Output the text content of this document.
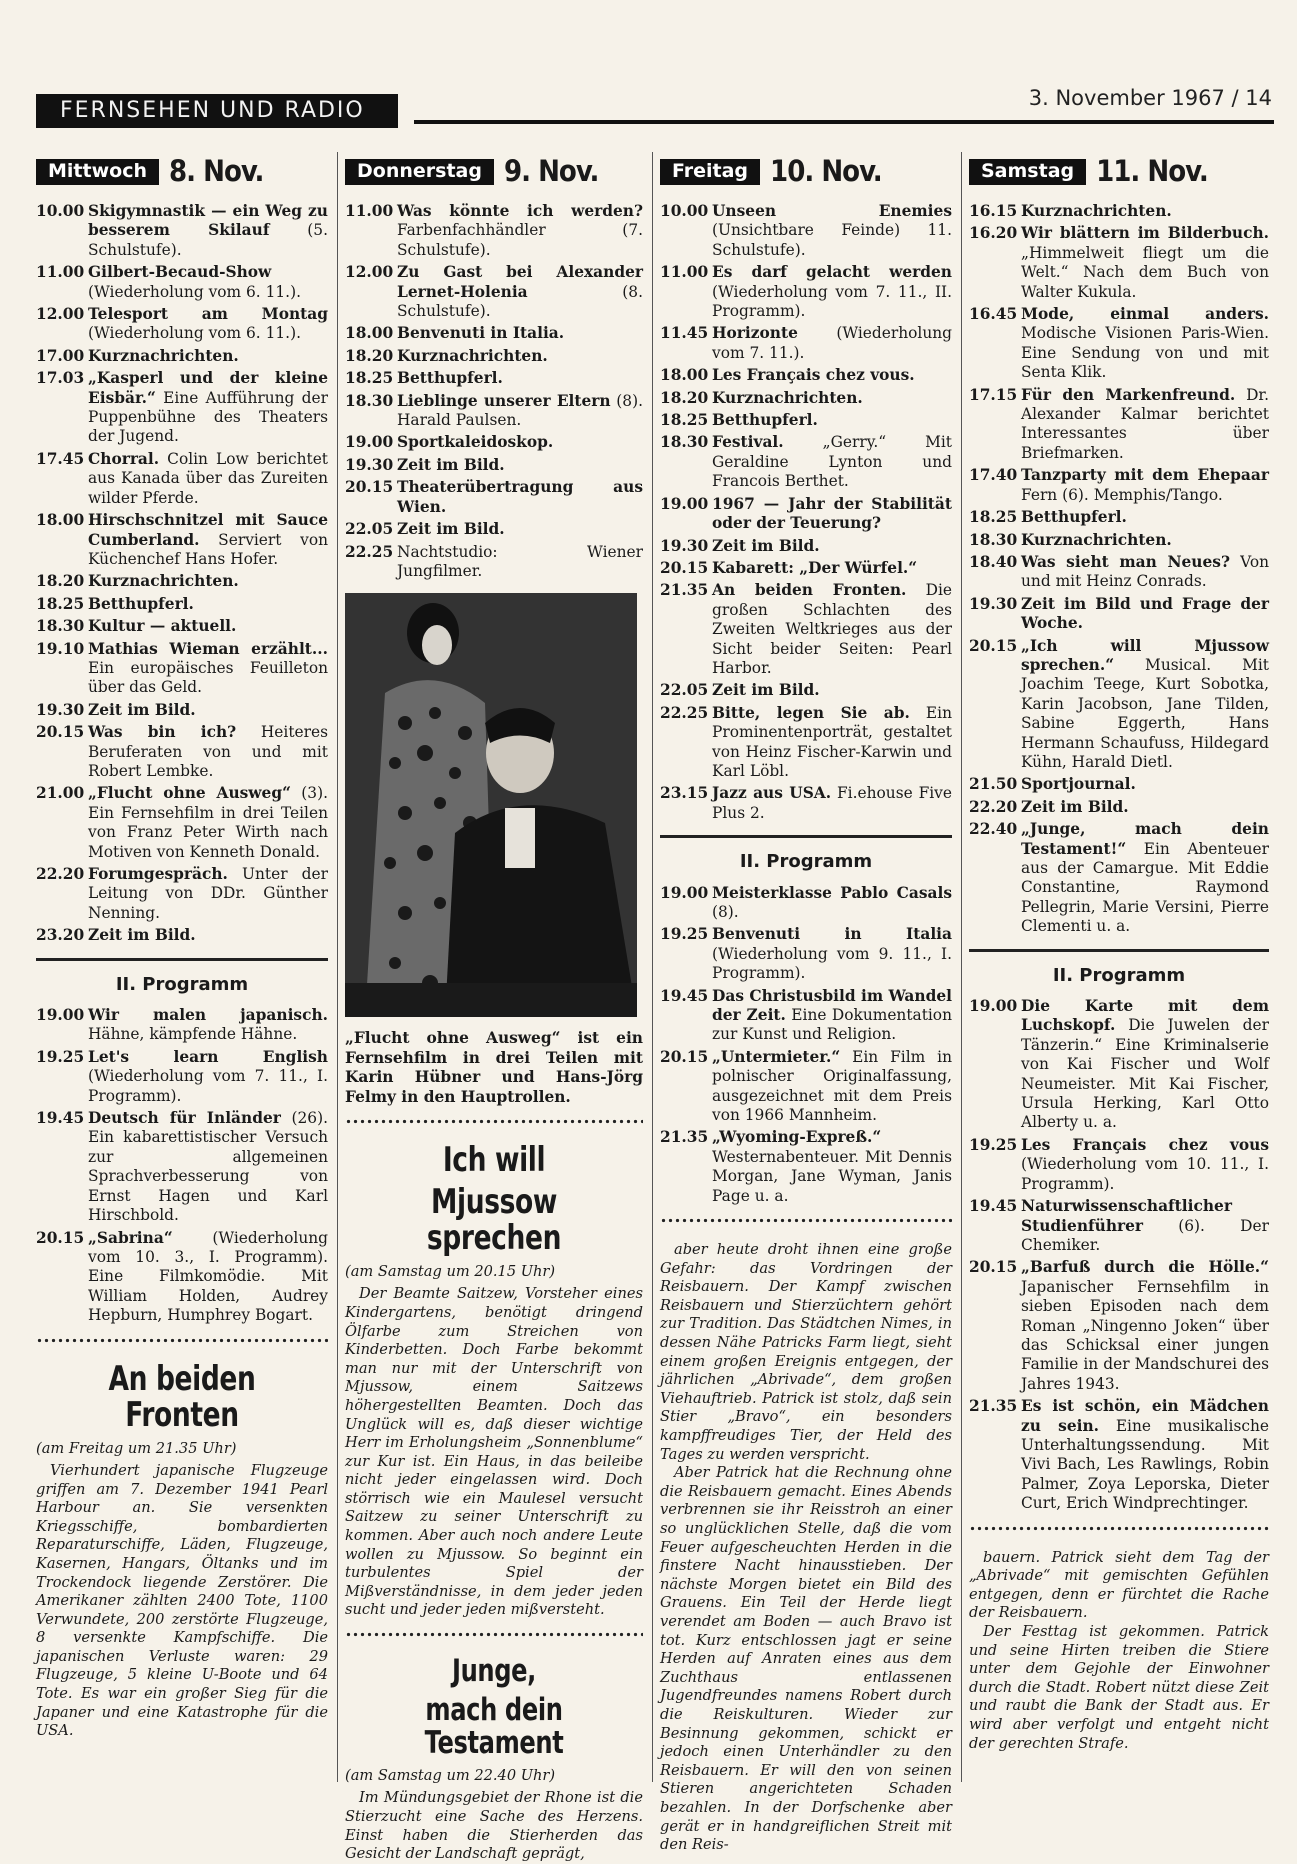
FERNSEHEN UND RADIO	3. November 1967 / 14
Mittwoch 8. Nov.
10.00 Skigymnastik — ein Weg zu besserem Skilauf (5. Schulstufe).
11.00 Gilbert-Becaud-Show (Wiederholung vom 6. 11.).
12.00 Telesport am Montag (Wiederholung vom 6. 11.).
17.00 Kurznachrichten.
17.03 „Kasperl und der kleine Eisbär.“ Eine Aufführung der Puppenbühne des Theaters der Jugend.
17.45 Chorral. Colin Low berichtet aus Kanada über das Zureiten wilder Pferde.
18.00 Hirschschnitzel mit Sauce Cumberland. Serviert von Küchenchef Hans Hofer.
18.20 Kurznachrichten.
18.25 Betthupferl.
18.30 Kultur — aktuell.
19.10 Mathias Wieman erzählt... Ein europäisches Feuilleton über das Geld.
19.30 Zeit im Bild.
20.15 Was bin ich? Heiteres Beruferaten von und mit Robert Lembke.
21.00 „Flucht ohne Ausweg“ (3). Ein Fernsehfilm in drei Teilen von Franz Peter Wirth nach Motiven von Kenneth Donald.
22.20 Forumgespräch. Unter der Leitung von DDr. Günther Nenning.
23.20 Zeit im Bild.
II. Programm
19.00 Wir malen japanisch. Hähne, kämpfende Hähne.
19.25 Let's learn English (Wiederholung vom 7. 11., I. Programm).
19.45 Deutsch für Inländer (26). Ein kabarettistischer Versuch zur allgemeinen Sprachverbesserung von Ernst Hagen und Karl Hirschbold.
20.15 „Sabrina“ (Wiederholung vom 10. 3., I. Programm). Eine Filmkomödie. Mit William Holden, Audrey Hepburn, Humphrey Bogart.
An beiden Fronten
(am Freitag um 21.35 Uhr)
Vierhundert japanische Flugzeuge griffen am 7. Dezember 1941 Pearl Harbour an. Sie versenkten Kriegsschiffe, bombardierten Reparaturschiffe, Läden, Flugzeuge, Kasernen, Hangars, Öltanks und im Trockendock liegende Zerstörer. Die Amerikaner zählten 2400 Tote, 1100 Verwundete, 200 zerstörte Flugzeuge, 8 versenkte Kampfschiffe. Die japanischen Verluste waren: 29 Flugzeuge, 5 kleine U-Boote und 64 Tote. Es war ein großer Sieg für die Japaner und eine Katastrophe für die USA.
Donnerstag 9. Nov.
11.00 Was könnte ich werden? Farbenfachhändler (7. Schulstufe).
12.00 Zu Gast bei Alexander Lernet-Holenia (8. Schulstufe).
18.00 Benvenuti in Italia.
18.20 Kurznachrichten.
18.25 Betthupferl.
18.30 Lieblinge unserer Eltern (8). Harald Paulsen.
19.00 Sportkaleidoskop.
19.30 Zeit im Bild.
20.15 Theaterübertragung aus Wien.
22.05 Zeit im Bild.
22.25 Nachtstudio: Wiener Jungfilmer.
„Flucht ohne Ausweg“ ist ein Fernsehfilm in drei Teilen mit Karin Hübner und Hans-Jörg Felmy in den Hauptrollen.
Ich will
Mjussow sprechen
(am Samstag um 20.15 Uhr)
Der Beamte Saitzew, Vorsteher eines Kindergartens, benötigt dringend Ölfarbe zum Streichen von Kinderbetten. Doch Farbe bekommt man nur mit der Unterschrift von Mjussow, einem Saitzews höhergestellten Beamten. Doch das Unglück will es, daß dieser wichtige Herr im Erholungsheim „Sonnenblume“ zur Kur ist. Ein Haus, in das beileibe nicht jeder eingelassen wird. Doch störrisch wie ein Maulesel versucht Saitzew zu seiner Unterschrift zu kommen. Aber auch noch andere Leute wollen zu Mjussow. So beginnt ein turbulentes Spiel der Mißverständnisse, in dem jeder jeden sucht und jeder jeden mißversteht.
Junge,
mach dein Testament
(am Samstag um 22.40 Uhr)
Im Mündungsgebiet der Rhone ist die Stierzucht eine Sache des Herzens. Einst haben die Stierherden das Gesicht der Landschaft geprägt,
Freitag 10. Nov.
10.00 Unseen Enemies (Unsichtbare Feinde) 11. Schulstufe).
11.00 Es darf gelacht werden (Wiederholung vom 7. 11., II. Programm).
11.45 Horizonte (Wiederholung vom 7. 11.).
18.00 Les Français chez vous.
18.20 Kurznachrichten.
18.25 Betthupferl.
18.30 Festival. „Gerry.“ Mit Geraldine Lynton und Francois Berthet.
19.00 1967 — Jahr der Stabilität oder der Teuerung?
19.30 Zeit im Bild.
20.15 Kabarett: „Der Würfel.“
21.35 An beiden Fronten. Die großen Schlachten des Zweiten Weltkrieges aus der Sicht beider Seiten: Pearl Harbor.
22.05 Zeit im Bild.
22.25 Bitte, legen Sie ab. Ein Prominentenporträt, gestaltet von Heinz Fischer-Karwin und Karl Löbl.
23.15 Jazz aus USA. Fi.ehouse Five Plus 2.
II. Programm
19.00 Meisterklasse Pablo Casals (8).
19.25 Benvenuti in Italia (Wiederholung vom 9. 11., I. Programm).
19.45 Das Christusbild im Wandel der Zeit. Eine Dokumentation zur Kunst und Religion.
20.15 „Untermieter.“ Ein Film in polnischer Originalfassung, ausgezeichnet mit dem Preis von 1966 Mannheim.
21.35 „Wyoming-Expreß.“ Westernabenteuer. Mit Dennis Morgan, Jane Wyman, Janis Page u. a.
aber heute droht ihnen eine große Gefahr: das Vordringen der Reisbauern. Der Kampf zwischen Reisbauern und Stierzüchtern gehört zur Tradition. Das Städtchen Nimes, in dessen Nähe Patricks Farm liegt, sieht einem großen Ereignis entgegen, der jährlichen „Abrivade“, dem großen Viehauftrieb. Patrick ist stolz, daß sein Stier „Bravo“, ein besonders kampffreudiges Tier, der Held des Tages zu werden verspricht.
Aber Patrick hat die Rechnung ohne die Reisbauern gemacht. Eines Abends verbrennen sie ihr Reisstroh an einer so unglücklichen Stelle, daß die vom Feuer aufgescheuchten Herden in die finstere Nacht hinausstieben. Der nächste Morgen bietet ein Bild des Grauens. Ein Teil der Herde liegt verendet am Boden — auch Bravo ist tot. Kurz entschlossen jagt er seine Herden auf Anraten eines aus dem Zuchthaus entlassenen Jugendfreundes namens Robert durch die Reiskulturen. Wieder zur Besinnung gekommen, schickt er jedoch einen Unterhändler zu den Reisbauern. Er will den von seinen Stieren angerichteten Schaden bezahlen. In der Dorfschenke aber gerät er in handgreiflichen Streit mit den Reis-
Samstag 11. Nov.
16.15 Kurznachrichten.
16.20 Wir blättern im Bilderbuch. „Himmelweit fliegt um die Welt.“ Nach dem Buch von Walter Kukula.
16.45 Mode, einmal anders. Modische Visionen Paris-Wien. Eine Sendung von und mit Senta Klik.
17.15 Für den Markenfreund. Dr. Alexander Kalmar berichtet Interessantes über Briefmarken.
17.40 Tanzparty mit dem Ehepaar Fern (6). Memphis/Tango.
18.25 Betthupferl.
18.30 Kurznachrichten.
18.40 Was sieht man Neues? Von und mit Heinz Conrads.
19.30 Zeit im Bild und Frage der Woche.
20.15 „Ich will Mjussow sprechen.“ Musical. Mit Joachim Teege, Kurt Sobotka, Karin Jacobson, Jane Tilden, Sabine Eggerth, Hans Hermann Schaufuss, Hildegard Kühn, Harald Dietl.
21.50 Sportjournal.
22.20 Zeit im Bild.
22.40 „Junge, mach dein Testament!“ Ein Abenteuer aus der Camargue. Mit Eddie Constantine, Raymond Pellegrin, Marie Versini, Pierre Clementi u. a.
II. Programm
19.00 Die Karte mit dem Luchskopf. Die Juwelen der Tänzerin.“ Eine Kriminalserie von Kai Fischer und Wolf Neumeister. Mit Kai Fischer, Ursula Herking, Karl Otto Alberty u. a.
19.25 Les Français chez vous (Wiederholung vom 10. 11., I. Programm).
19.45 Naturwissenschaftlicher Studienführer (6). Der Chemiker.
20.15 „Barfuß durch die Hölle.“ Japanischer Fernsehfilm in sieben Episoden nach dem Roman „Ningenno Joken“ über das Schicksal einer jungen Familie in der Mandschurei des Jahres 1943.
21.35 Es ist schön, ein Mädchen zu sein. Eine musikalische Unterhaltungssendung. Mit Vivi Bach, Les Rawlings, Robin Palmer, Zoya Leporska, Dieter Curt, Erich Windprechtinger.
bauern. Patrick sieht dem Tag der „Abrivade“ mit gemischten Gefühlen entgegen, denn er fürchtet die Rache der Reisbauern.
Der Festtag ist gekommen. Patrick und seine Hirten treiben die Stiere unter dem Gejohle der Einwohner durch die Stadt. Robert nützt diese Zeit und raubt die Bank der Stadt aus. Er wird aber verfolgt und entgeht nicht der gerechten Strafe.
